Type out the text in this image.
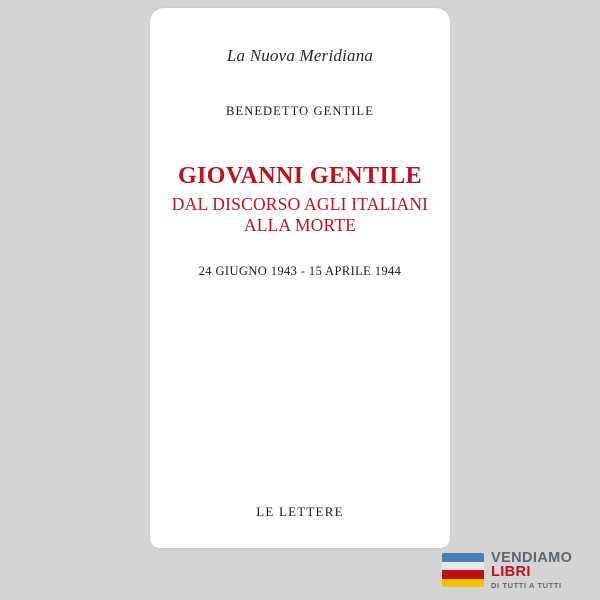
La Nuova Meridiana
BENEDETTO GENTILE
GIOVANNI GENTILE
DAL DISCORSO AGLI ITALIANI
ALLA MORTE
24 GIUGNO 1943 - 15 APRILE 1944
LE LETTERE
VENDIAMO
LIBRI
DI TUTTI A TUTTI
